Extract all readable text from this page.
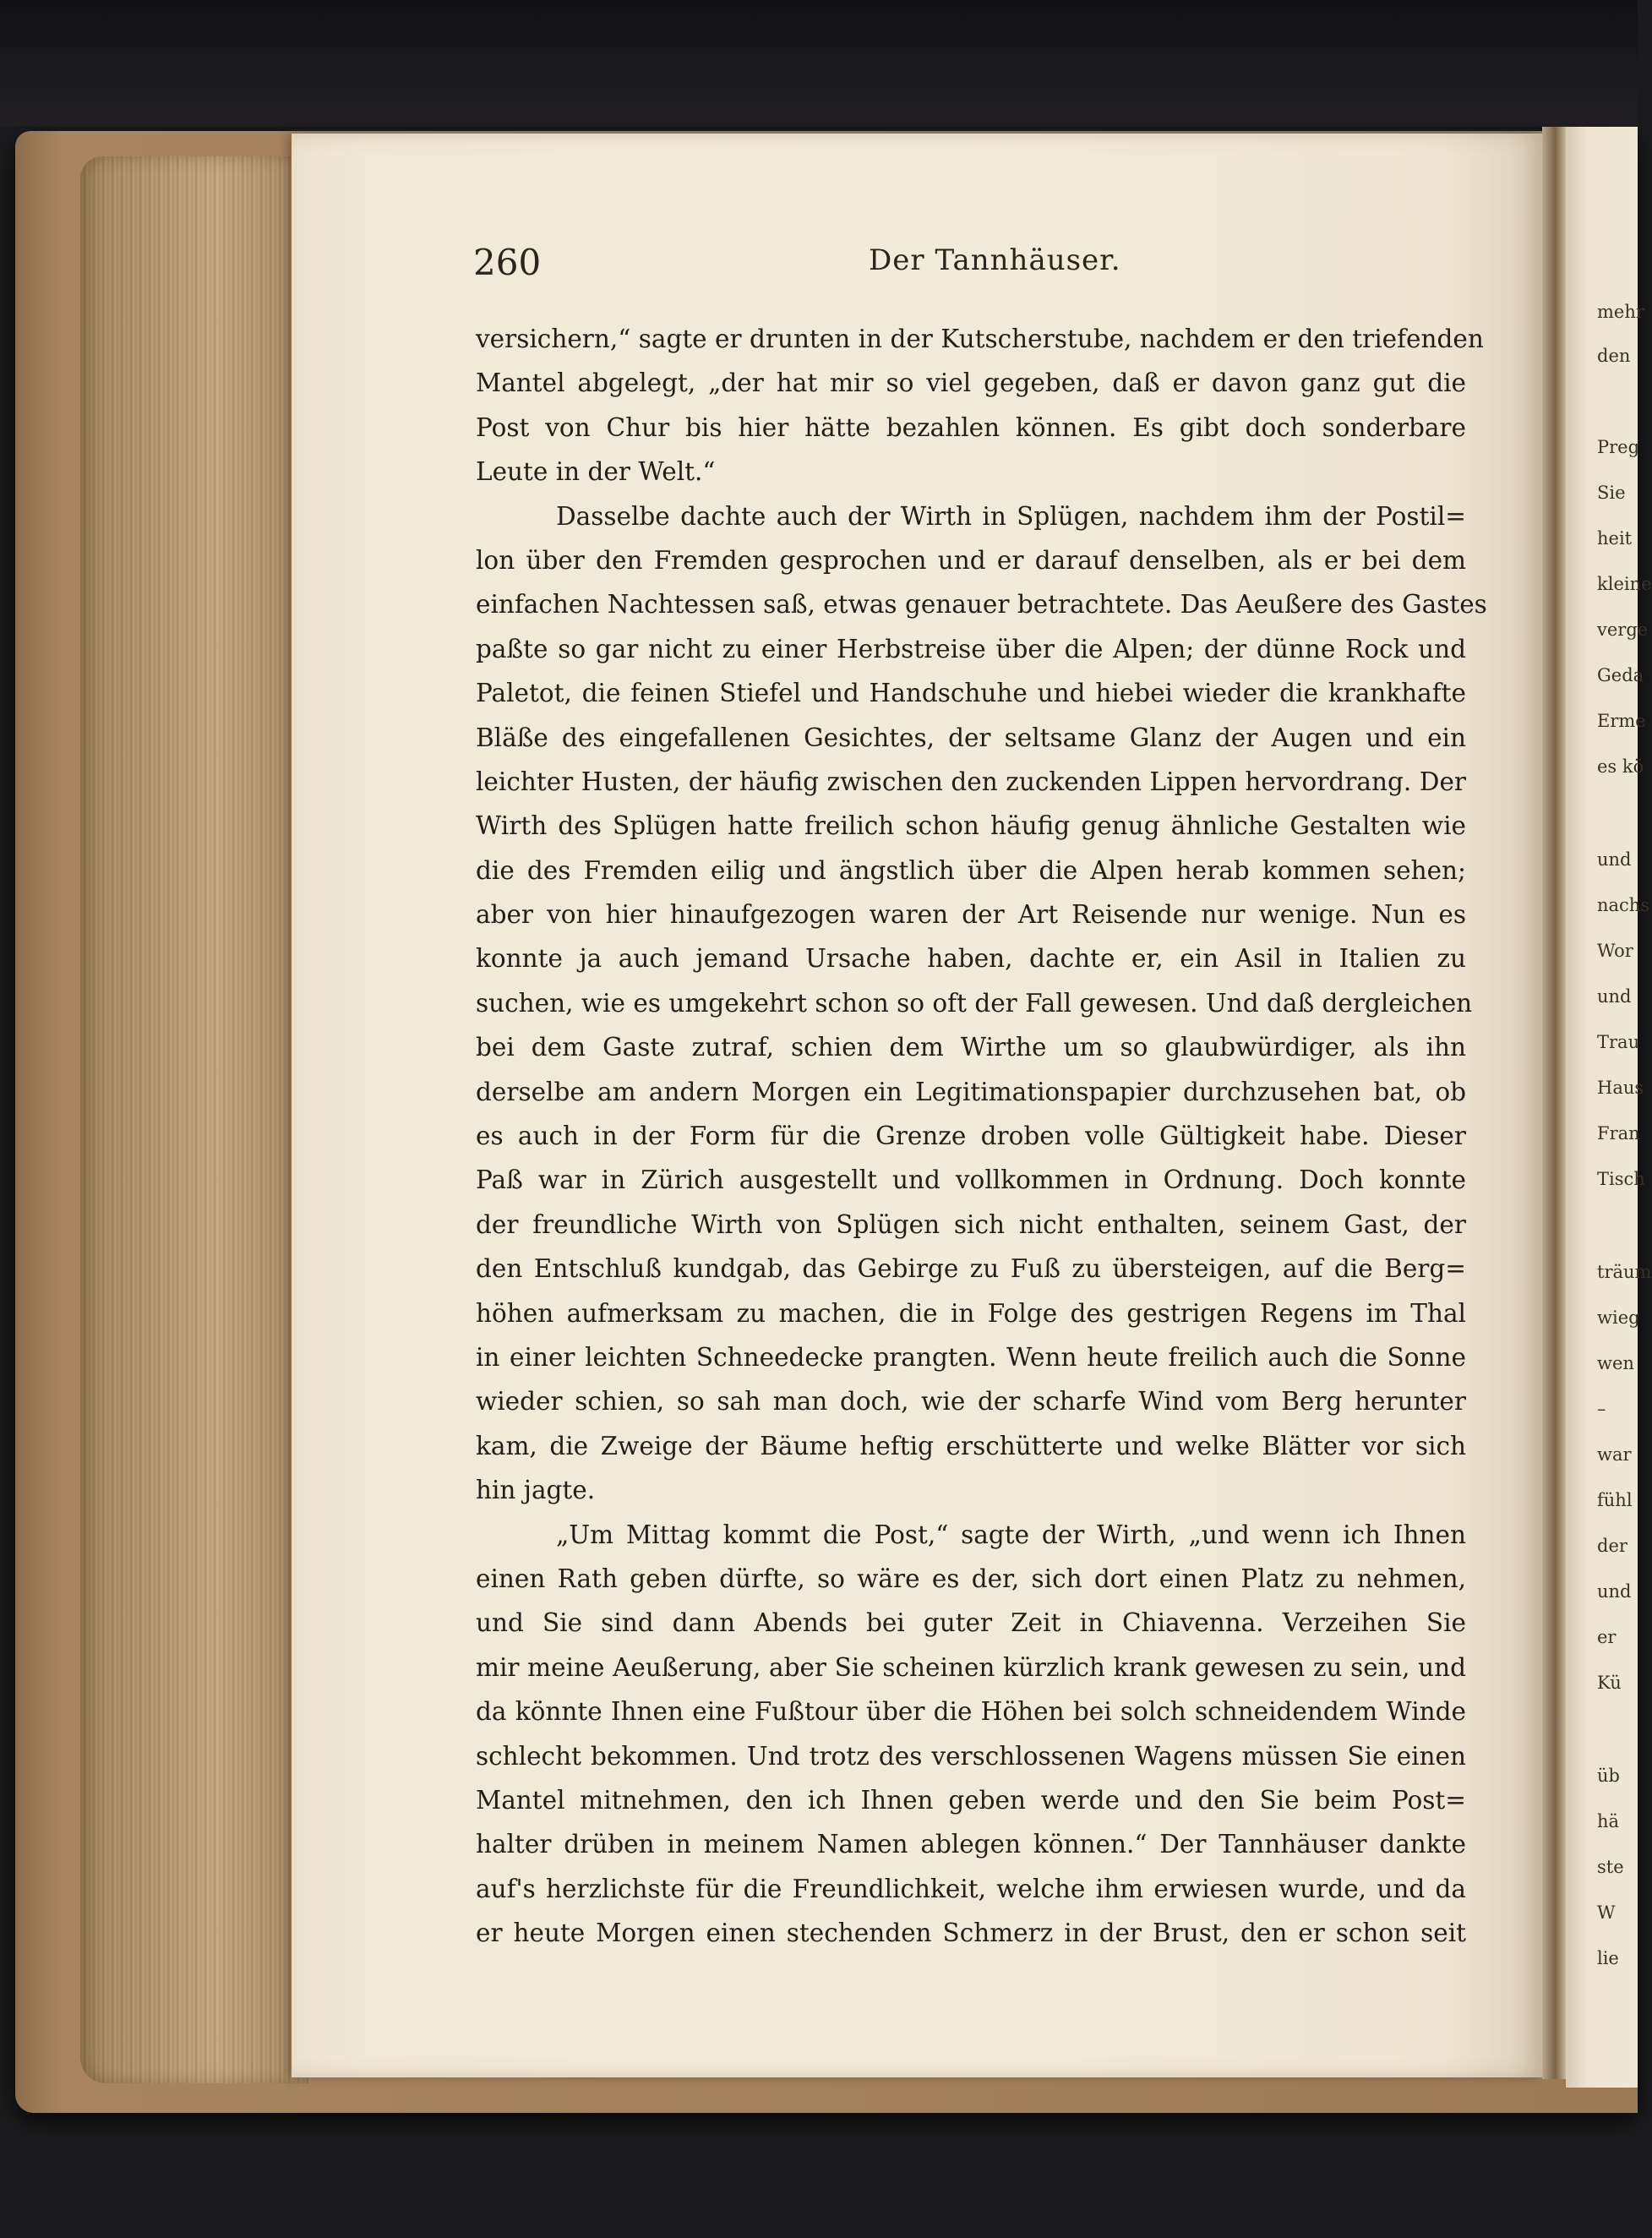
260	Der Tannhäuser.
versichern,“ sagte er drunten in der Kutscherstube, nachdem er den triefenden
Mantel abgelegt, „der hat mir so viel gegeben, daß er davon ganz gut die
Post von Chur bis hier hätte bezahlen können. Es gibt doch sonderbare
Leute in der Welt.“
Dasselbe dachte auch der Wirth in Splügen, nachdem ihm der Postil=
lon über den Fremden gesprochen und er darauf denselben, als er bei dem
einfachen Nachtessen saß, etwas genauer betrachtete. Das Aeußere des Gastes
paßte so gar nicht zu einer Herbstreise über die Alpen; der dünne Rock und
Paletot, die feinen Stiefel und Handschuhe und hiebei wieder die krankhafte
Bläße des eingefallenen Gesichtes, der seltsame Glanz der Augen und ein
leichter Husten, der häufig zwischen den zuckenden Lippen hervordrang. Der
Wirth des Splügen hatte freilich schon häufig genug ähnliche Gestalten wie
die des Fremden eilig und ängstlich über die Alpen herab kommen sehen;
aber von hier hinaufgezogen waren der Art Reisende nur wenige. Nun es
konnte ja auch jemand Ursache haben, dachte er, ein Asil in Italien zu
suchen, wie es umgekehrt schon so oft der Fall gewesen. Und daß dergleichen
bei dem Gaste zutraf, schien dem Wirthe um so glaubwürdiger, als ihn
derselbe am andern Morgen ein Legitimationspapier durchzusehen bat, ob
es auch in der Form für die Grenze droben volle Gültigkeit habe. Dieser
Paß war in Zürich ausgestellt und vollkommen in Ordnung. Doch konnte
der freundliche Wirth von Splügen sich nicht enthalten, seinem Gast, der
den Entschluß kundgab, das Gebirge zu Fuß zu übersteigen, auf die Berg=
höhen aufmerksam zu machen, die in Folge des gestrigen Regens im Thal
in einer leichten Schneedecke prangten. Wenn heute freilich auch die Sonne
wieder schien, so sah man doch, wie der scharfe Wind vom Berg herunter
kam, die Zweige der Bäume heftig erschütterte und welke Blätter vor sich
hin jagte.
„Um Mittag kommt die Post,“ sagte der Wirth, „und wenn ich Ihnen
einen Rath geben dürfte, so wäre es der, sich dort einen Platz zu nehmen,
und Sie sind dann Abends bei guter Zeit in Chiavenna. Verzeihen Sie
mir meine Aeußerung, aber Sie scheinen kürzlich krank gewesen zu sein, und
da könnte Ihnen eine Fußtour über die Höhen bei solch schneidendem Winde
schlecht bekommen. Und trotz des verschlossenen Wagens müssen Sie einen
Mantel mitnehmen, den ich Ihnen geben werde und den Sie beim Post=
halter drüben in meinem Namen ablegen können.“ Der Tannhäuser dankte
auf's herzlichste für die Freundlichkeit, welche ihm erwiesen wurde, und da
er heute Morgen einen stechenden Schmerz in der Brust, den er schon seit
mehr
den
Preg
Sie
heit
kleine
verge
Geda
Erme
es kö
und
nachs
Wor
und
Trau
Haus
Fran
Tisch
träum
wieg
wen
–
war
fühl
der
und
er
Kü
üb
hä
ste
W
lie
